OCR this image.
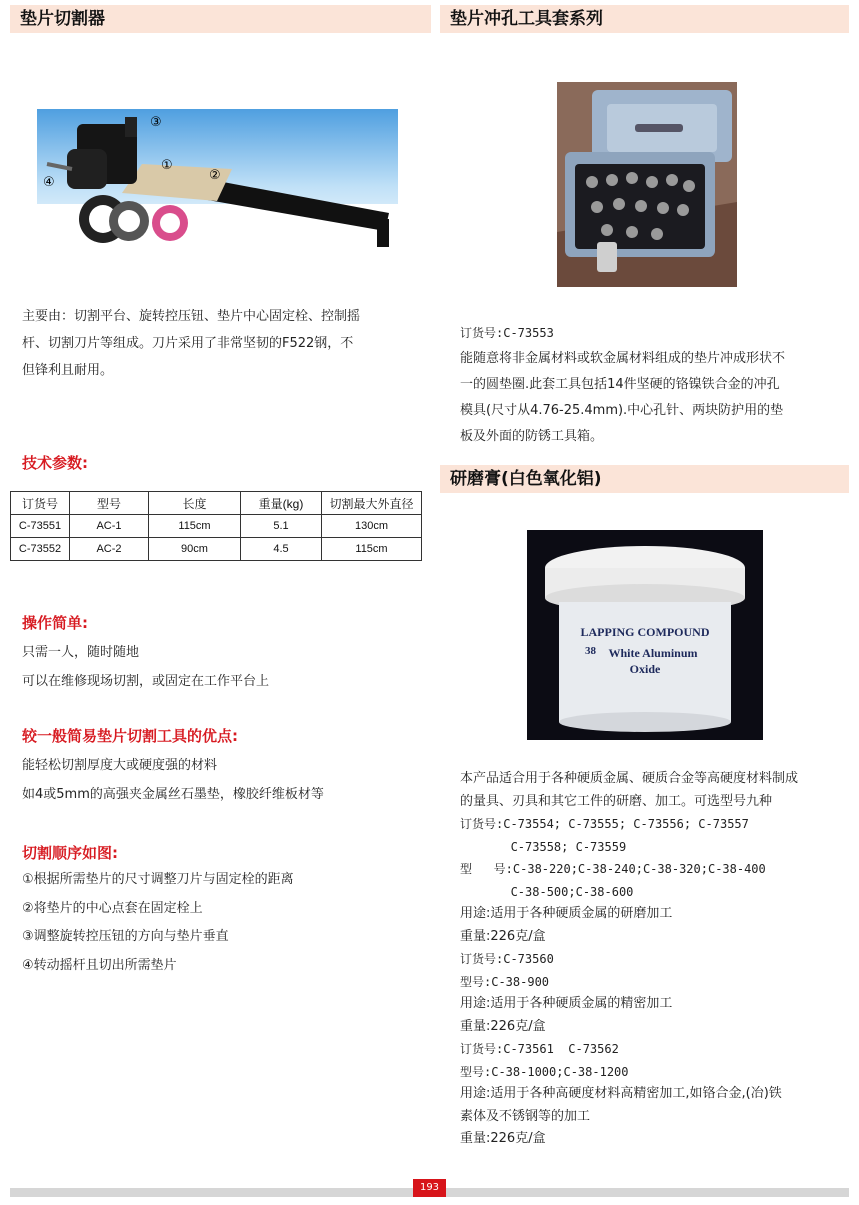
垫片切割器
③
①
②
④
主要由：切割平台、旋转控压钮、垫片中心固定栓、控制摇
杆、切割刀片等组成。刀片采用了非常坚韧的F522钢，不
但锋利且耐用。
技术参数:
订货号	型号	长度	重量(kg)	切割最大外直径
C-73551	AC-1	115cm	5.1	130cm
C-73552	AC-2	90cm	4.5	115cm
操作简单:
只需一人，随时随地
可以在维修现场切割，或固定在工作平台上
较一般简易垫片切割工具的优点:
能轻松切割厚度大或硬度强的材料
如4或5mm的高强夹金属丝石墨垫，橡胶纤维板材等
切割顺序如图:
①根据所需垫片的尺寸调整刀片与固定栓的距离
②将垫片的中心点套在固定栓上
③调整旋转控压钮的方向与垫片垂直
④转动摇杆且切出所需垫片
垫片冲孔工具套系列
订货号:C-73553
能随意将非金属材料或软金属材料组成的垫片冲成形状不
一的圆垫圈.此套工具包括14件坚硬的铬镍铁合金的冲孔
模具(尺寸从4.76-25.4mm).中心孔针、两块防护用的垫
板及外面的防锈工具箱。
研磨膏(白色氧化铝)
LAPPING COMPOUND
38 White Aluminum
Oxide
本产品适合用于各种硬质金属、硬质合金等高硬度材料制成
的量具、刃具和其它工件的研磨、加工。可选型号九种
订货号:C-73554; C-73555; C-73556; C-73557
C-73558; C-73559
型   号:C-38-220;C-38-240;C-38-320;C-38-400
C-38-500;C-38-600
用途:适用于各种硬质金属的研磨加工
重量:226克/盒
订货号:C-73560
型号:C-38-900
用途:适用于各种硬质金属的精密加工
重量:226克/盒
订货号:C-73561  C-73562
型号:C-38-1000;C-38-1200
用途:适用于各种高硬度材料高精密加工,如铬合金,(冶)铁
素体及不锈钢等的加工
重量:226克/盒
193
